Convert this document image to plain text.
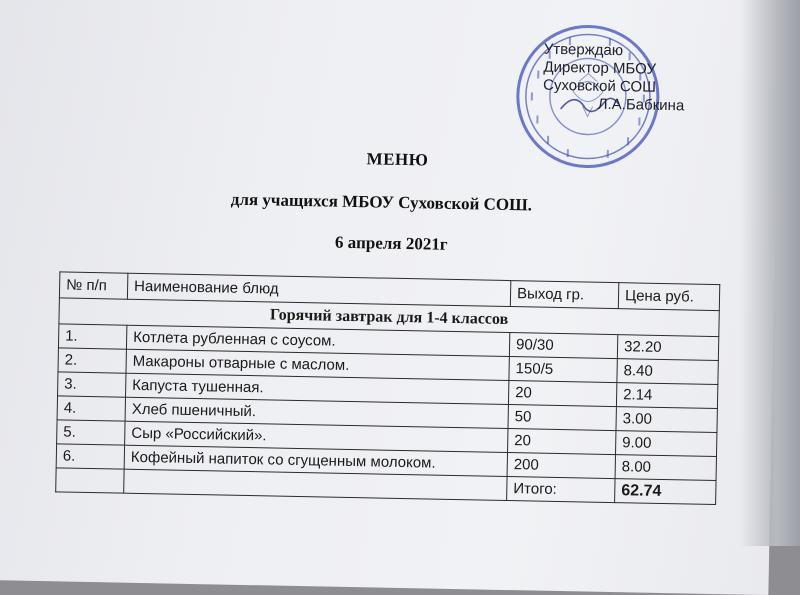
Утверждаю
Директор МБОУ
Суховской СОШ
Л.А.Бабкина
МЕНЮ
для учащихся МБОУ Суховской СОШ.
6 апреля 2021г
№ п/п	Наименование блюд	Выход гр.	Цена руб.
Горячий завтрак для 1-4 классов			
1.	Котлета рубленная с соусом.	90/30	32.20
2.	Макароны отварные с маслом.	150/5	8.40
3.	Капуста тушенная.	20	2.14
4.	Хлеб пшеничный.	50	3.00
5.	Сыр «Российский».	20	9.00
6.	Кофейный напиток со сгущенным молоком.	200	8.00
		Итого:	62.74
